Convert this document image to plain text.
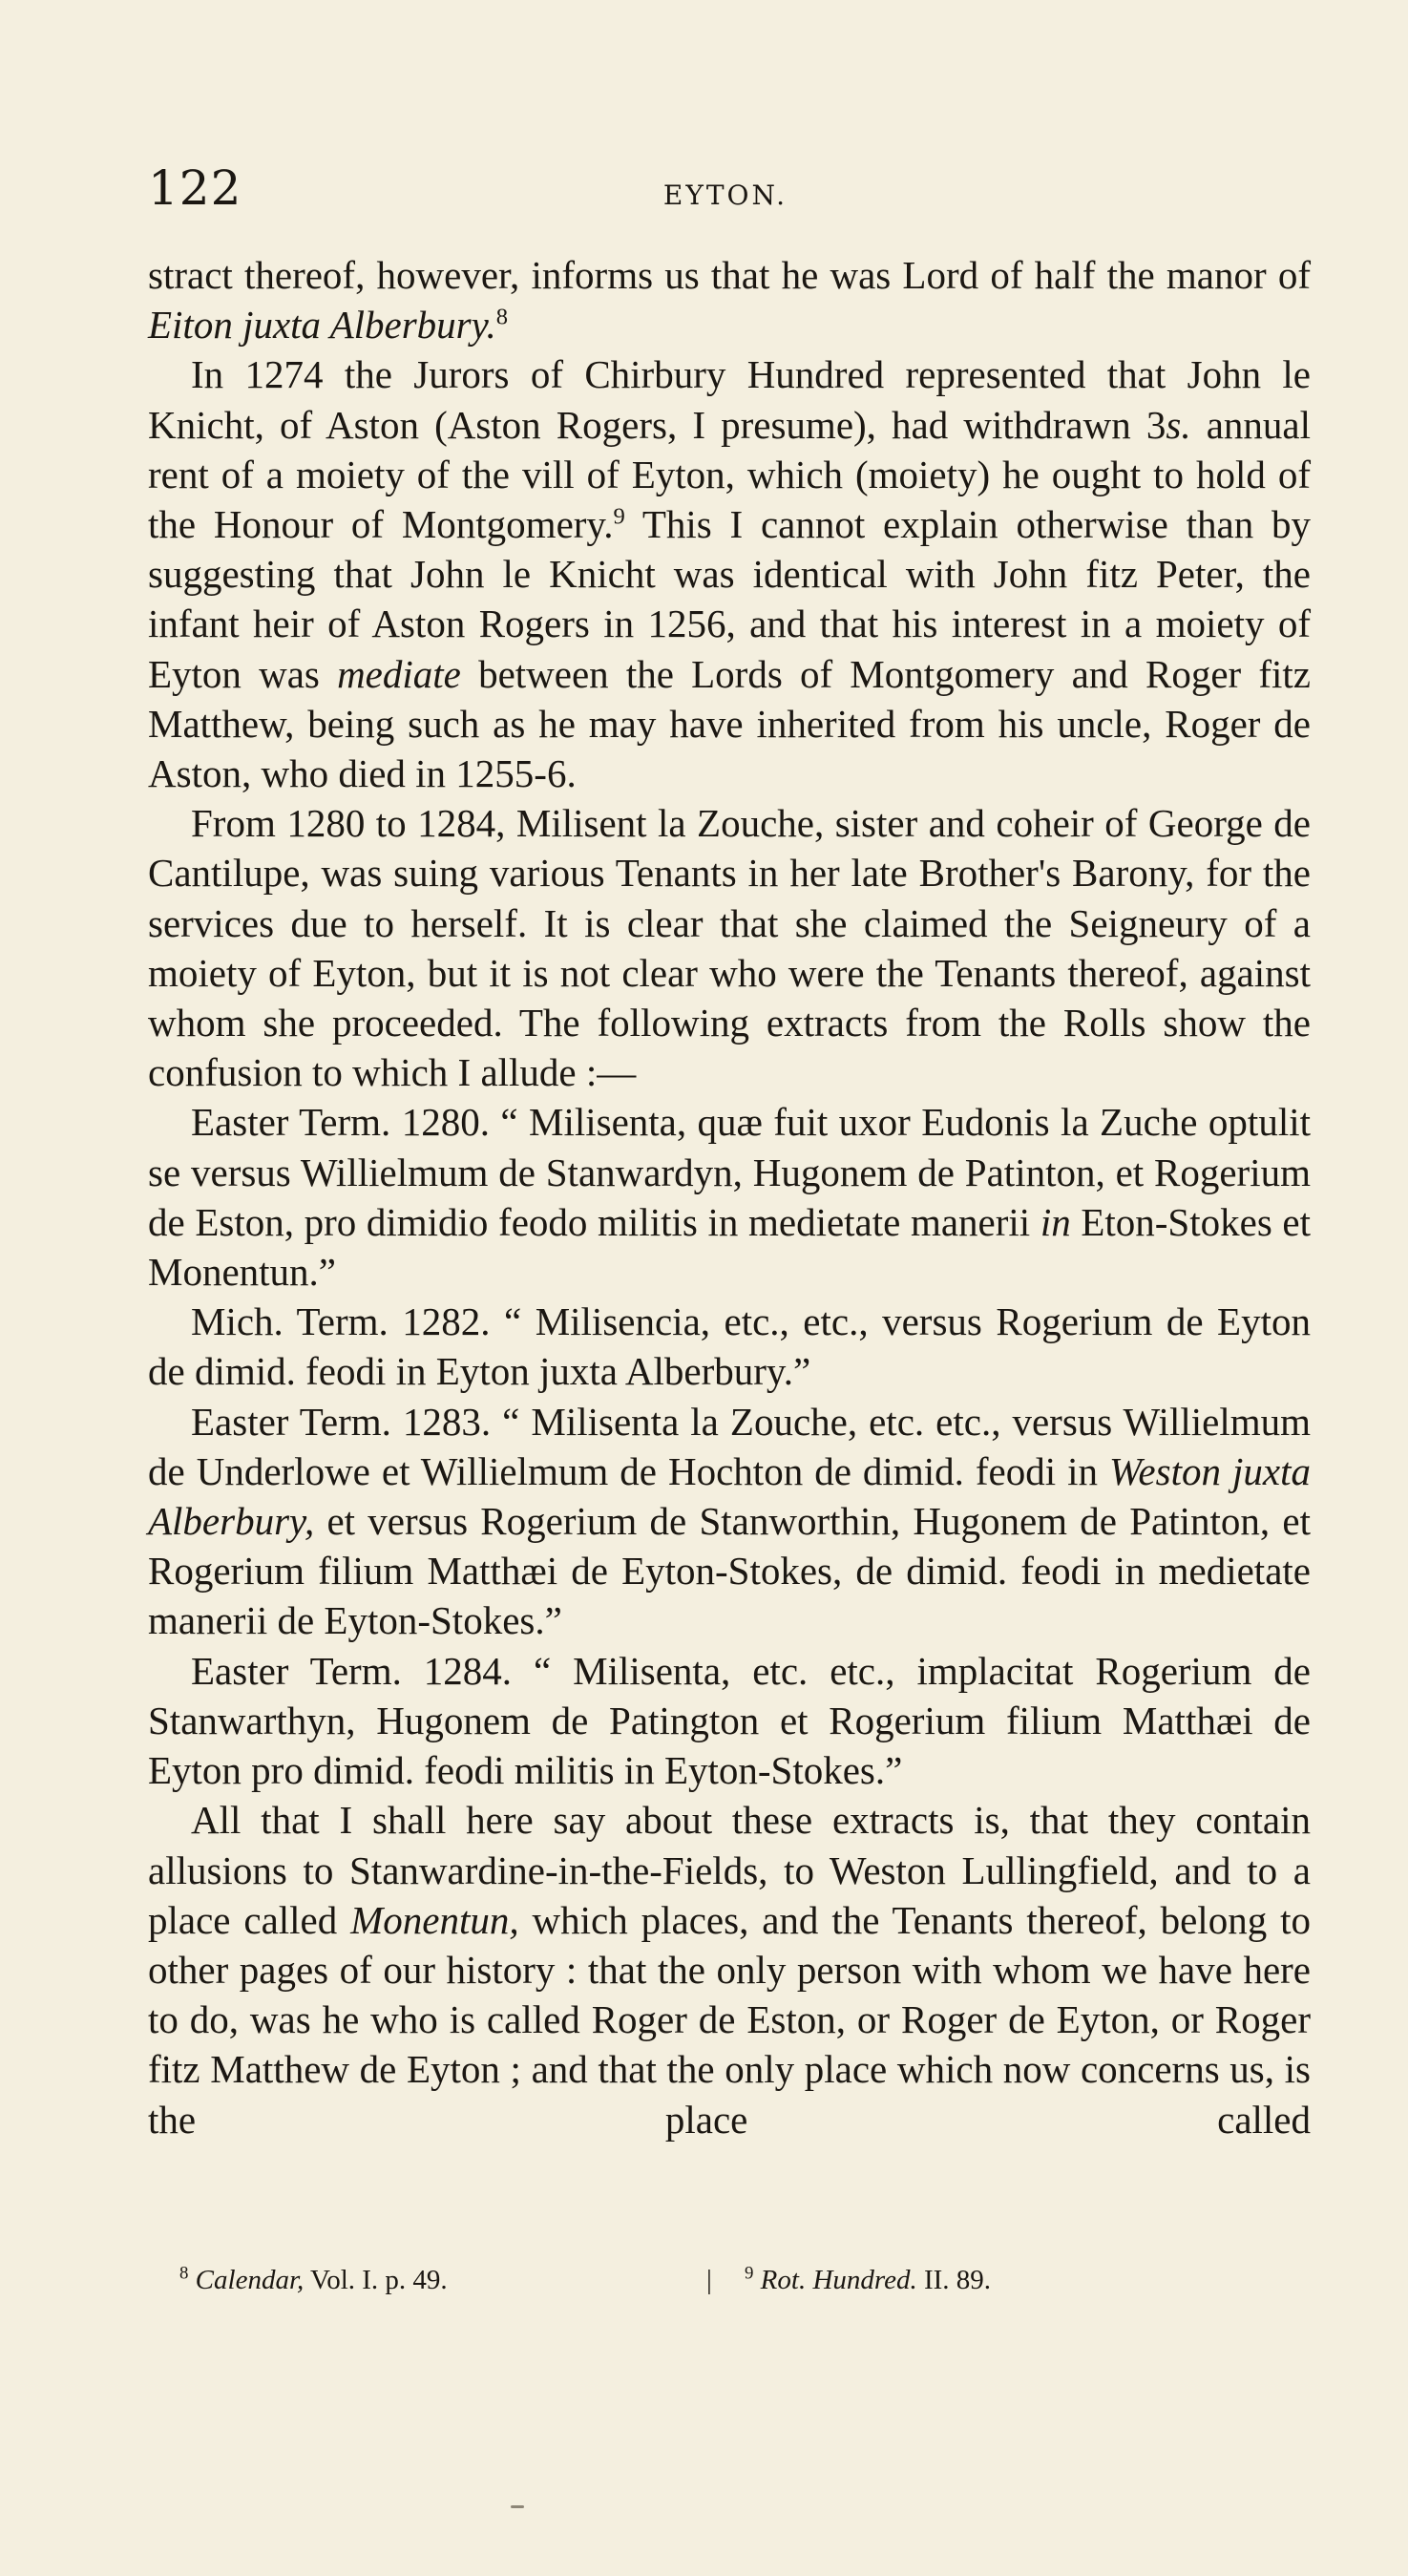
122	EYTON.

stract thereof, however, informs us that he was Lord of half the manor of Eiton juxta Alberbury.$^8$

In 1274 the Jurors of Chirbury Hundred represented that John le Knicht, of Aston (Aston Rogers, I presume), had withdrawn 3s. annual rent of a moiety of the vill of Eyton, which (moiety) he ought to hold of the Honour of Montgomery.$^9$ This I cannot explain otherwise than by suggesting that John le Knicht was identical with John fitz Peter, the infant heir of Aston Rogers in 1256, and that his interest in a moiety of Eyton was mediate between the Lords of Montgomery and Roger fitz Matthew, being such as he may have inherited from his uncle, Roger de Aston, who died in 1255-6.

From 1280 to 1284, Milisent la Zouche, sister and coheir of George de Cantilupe, was suing various Tenants in her late Brother's Barony, for the services due to herself. It is clear that she claimed the Seigneury of a moiety of Eyton, but it is not clear who were the Tenants thereof, against whom she proceeded. The following extracts from the Rolls show the confusion to which I allude :—

Easter Term. 1280. “ Milisenta, quæ fuit uxor Eudonis la Zuche optulit se versus Willielmum de Stanwardyn, Hugonem de Patinton, et Rogerium de Eston, pro dimidio feodo militis in medietate manerii in Eton-Stokes et Monentun.”

Mich. Term. 1282. “ Milisencia, etc., etc., versus Rogerium de Eyton de dimid. feodi in Eyton juxta Alberbury.”

Easter Term. 1283. “ Milisenta la Zouche, etc. etc., versus Willielmum de Underlowe et Willielmum de Hochton de dimid. feodi in Weston juxta Alberbury, et versus Rogerium de Stanworthin, Hugonem de Patinton, et Rogerium filium Matthæi de Eyton-Stokes, de dimid. feodi in medietate manerii de Eyton-Stokes.”

Easter Term. 1284. “ Milisenta, etc. etc., implacitat Rogerium de Stanwarthyn, Hugonem de Patington et Rogerium filium Matthæi de Eyton pro dimid. feodi militis in Eyton-Stokes.”

All that I shall here say about these extracts is, that they contain allusions to Stanwardine-in-the-Fields, to Weston Lullingfield, and to a place called Monentun, which places, and the Tenants thereof, belong to other pages of our history : that the only person with whom we have here to do, was he who is called Roger de Eston, or Roger de Eyton, or Roger fitz Matthew de Eyton ; and that the only place which now concerns us, is the place called

$^8$ Calendar, Vol. I. p. 49.	| $^9$ Rot. Hundred. II. 89.
